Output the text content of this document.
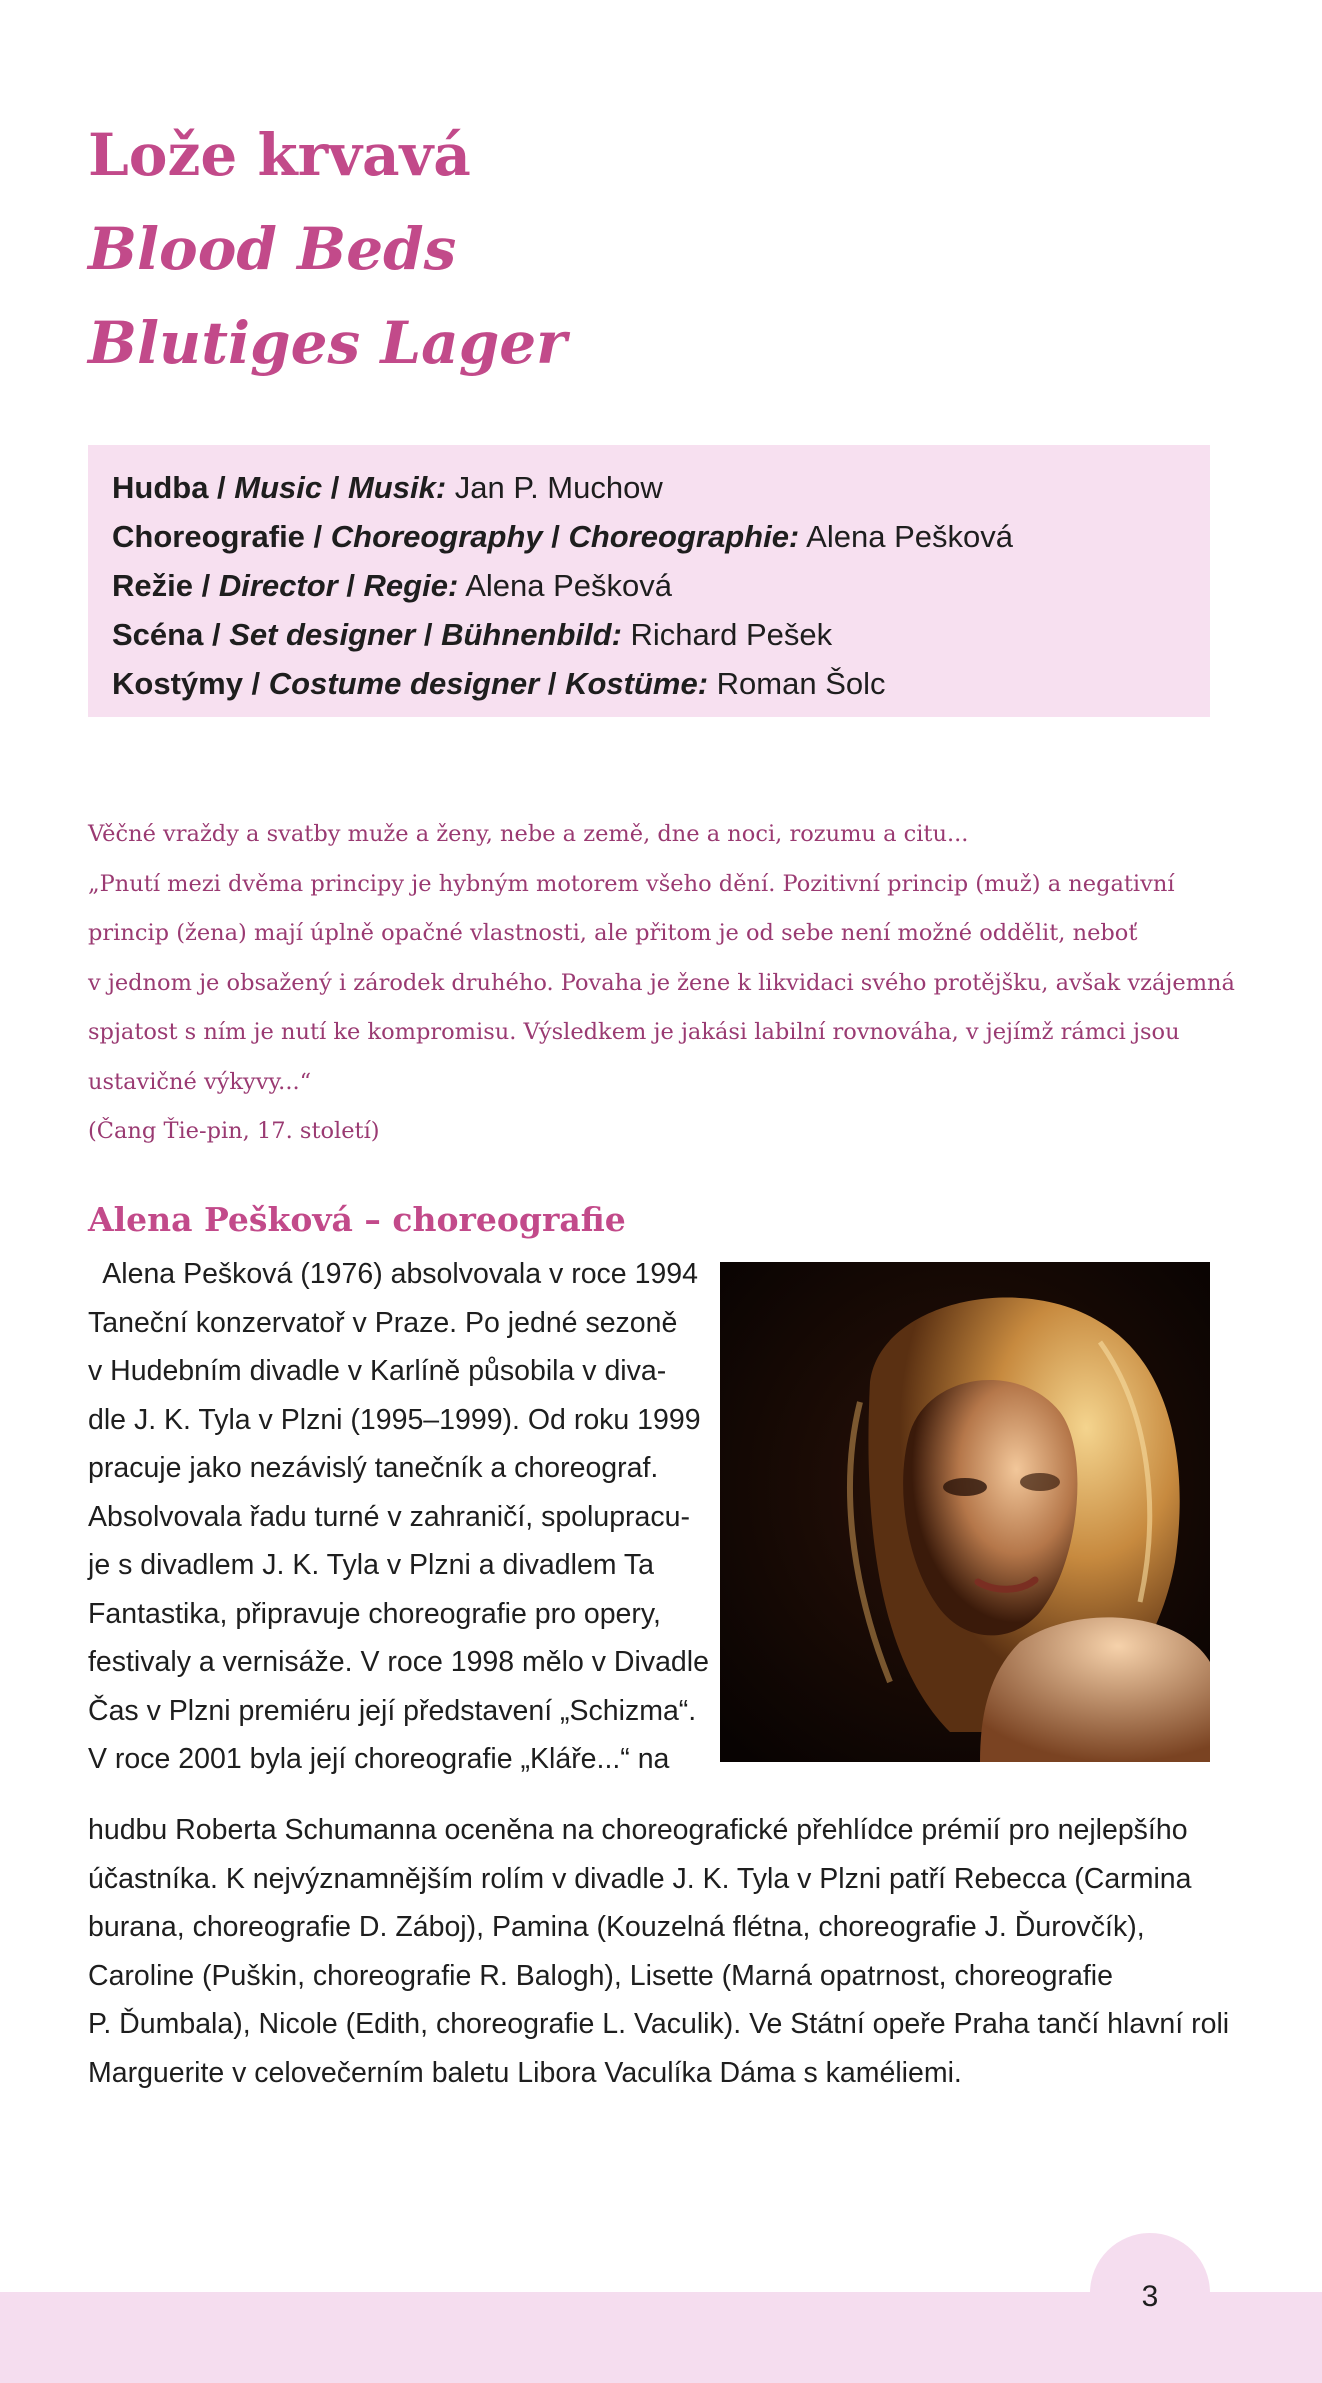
Lože krvavá
Blood Beds
Blutiges Lager
Hudba / Music / Musik: Jan P. Muchow
Choreografie / Choreography / Choreographie: Alena Pešková
Režie / Director / Regie: Alena Pešková
Scéna / Set designer / Bühnenbild: Richard Pešek
Kostýmy / Costume designer / Kostüme: Roman Šolc

Věčné vraždy a svatby muže a ženy, nebe a země, dne a noci, rozumu a citu...

„Pnutí mezi dvěma principy je hybným motorem všeho dění. Pozitivní princip (muž) a negativní

princip (žena) mají úplně opačné vlastnosti, ale přitom je od sebe není možné oddělit, neboť

v jednom je obsažený i zárodek druhého. Povaha je žene k likvidaci svého protějšku, avšak vzájemná

spjatost s ním je nutí ke kompromisu. Výsledkem je jakási labilní rovnováha, v jejímž rámci jsou

ustavičné výkyvy...“

(Čang Ťie-pin, 17. století)

Alena Pešková – choreografie
Alena Pešková (1976) absolvovala v roce 1994
Taneční konzervatoř v Praze. Po jedné sezoně
v Hudebním divadle v Karlíně působila v diva-
dle J. K. Tyla v Plzni (1995–1999). Od roku 1999
pracuje jako nezávislý tanečník a choreograf.
Absolvovala řadu turné v zahraničí, spolupracu-
je s divadlem J. K. Tyla v Plzni a divadlem Ta
Fantastika, připravuje choreografie pro opery,
festivaly a vernisáže. V roce 1998 mělo v Divadle
Čas v Plzni premiéru její představení „Schizma“.
V roce 2001 byla její choreografie „Kláře...“ na
hudbu Roberta Schumanna oceněna na choreografické přehlídce prémií pro nejlepšího
účastníka. K nejvýznamnějším rolím v divadle J. K. Tyla v Plzni patří Rebecca (Carmina
burana, choreografie D. Záboj), Pamina (Kouzelná flétna, choreografie J. Ďurovčík),
Caroline (Puškin, choreografie R. Balogh), Lisette (Marná opatrnost, choreografie
P. Ďumbala), Nicole (Edith, choreografie L. Vaculik). Ve Státní opeře Praha tančí hlavní roli
Marguerite v celovečerním baletu Libora Vaculíka Dáma s kaméliemi.
3
